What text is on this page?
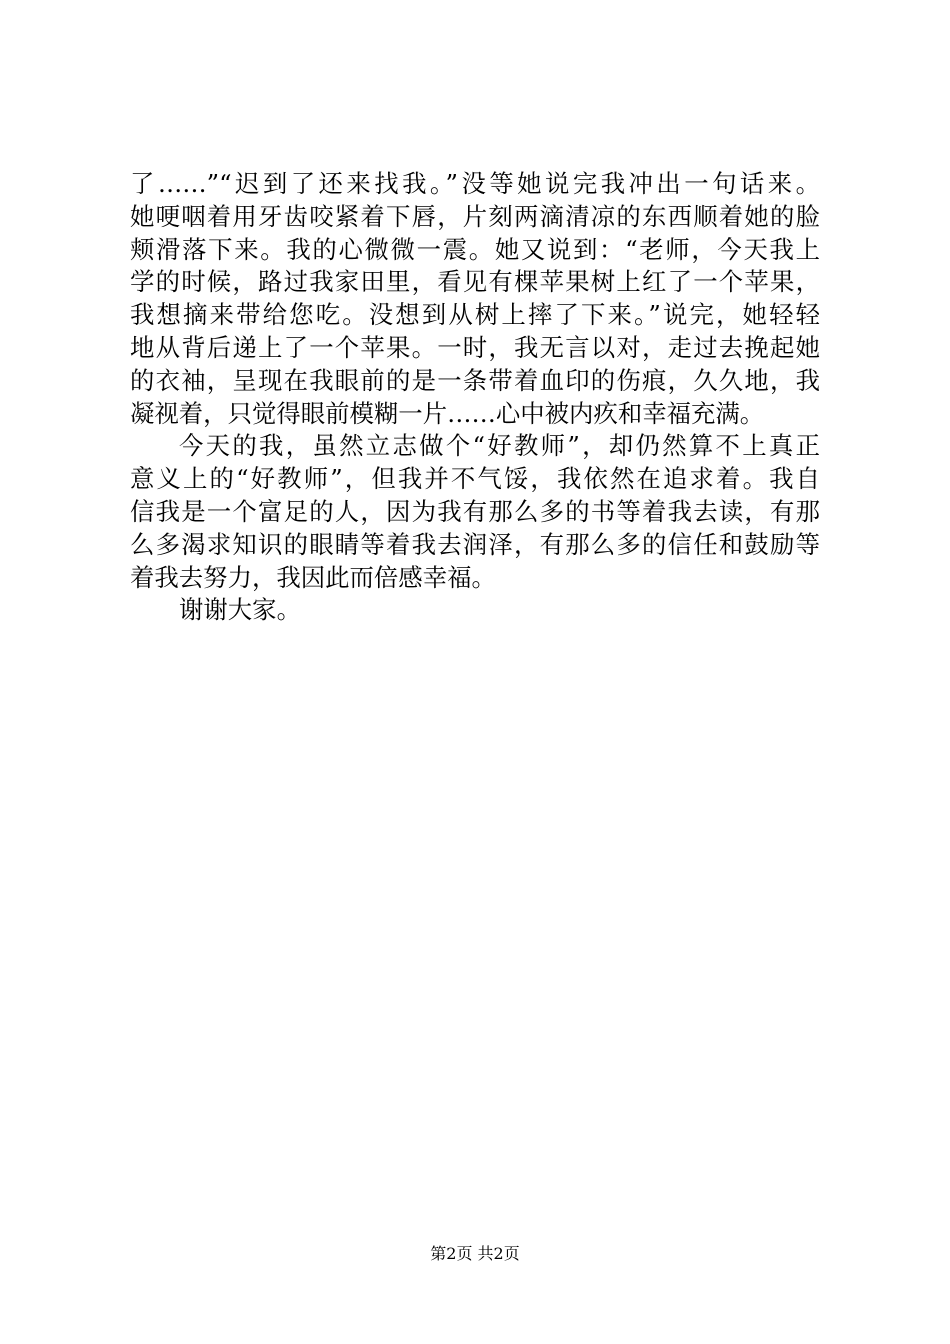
了……”“迟到了还来找我。”没等她说完我冲出一句话来。
她哽咽着用牙齿咬紧着下唇，片刻两滴清凉的东西顺着她的脸
颊滑落下来。我的心微微一震。她又说到：“老师，今天我上
学的时候，路过我家田里，看见有棵苹果树上红了一个苹果，
我想摘来带给您吃。没想到从树上摔了下来。”说完，她轻轻
地从背后递上了一个苹果。一时，我无言以对，走过去挽起她
的衣袖，呈现在我眼前的是一条带着血印的伤痕，久久地，我
凝视着，只觉得眼前模糊一片……心中被内疚和幸福充满。
今天的我，虽然立志做个“好教师”，却仍然算不上真正
意义上的“好教师”，但我并不气馁，我依然在追求着。我自
信我是一个富足的人，因为我有那么多的书等着我去读，有那
么多渴求知识的眼睛等着我去润泽，有那么多的信任和鼓励等
着我去努力，我因此而倍感幸福。
谢谢大家。
第2页 共2页
